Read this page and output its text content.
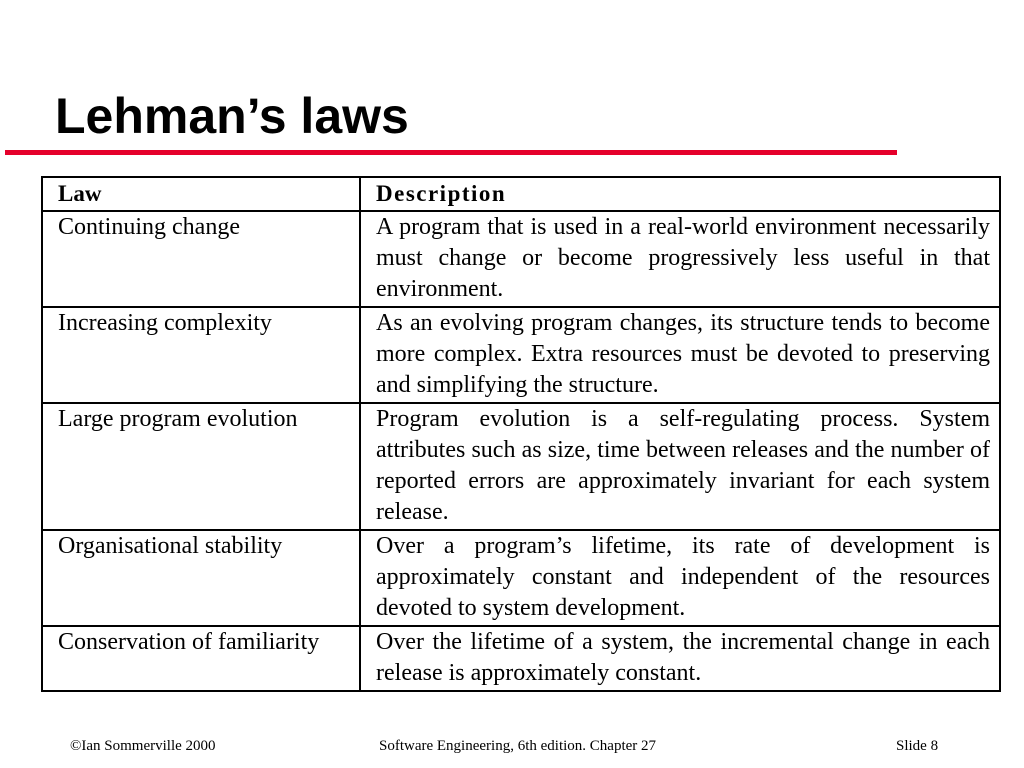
Lehman’s laws
Law	Description
Continuing change	A program that is used in a real-world environment necessarily must change or become progressively less useful in that environment.
Increasing complexity	As an evolving program changes, its structure tends to become more complex. Extra resources must be devoted to preserving and simplifying the structure.
Large program evolution	Program evolution is a self-regulating process. System attributes such as size, time between releases and the number of reported errors are approximately invariant for each system release.
Organisational stability	Over a program’s lifetime, its rate of development is approximately constant and independent of the resources devoted to system development.
Conservation of familiarity	Over the lifetime of a system, the incremental change in each release is approximately constant.
©Ian Sommerville 2000	Software Engineering, 6th edition. Chapter 27	Slide 8
